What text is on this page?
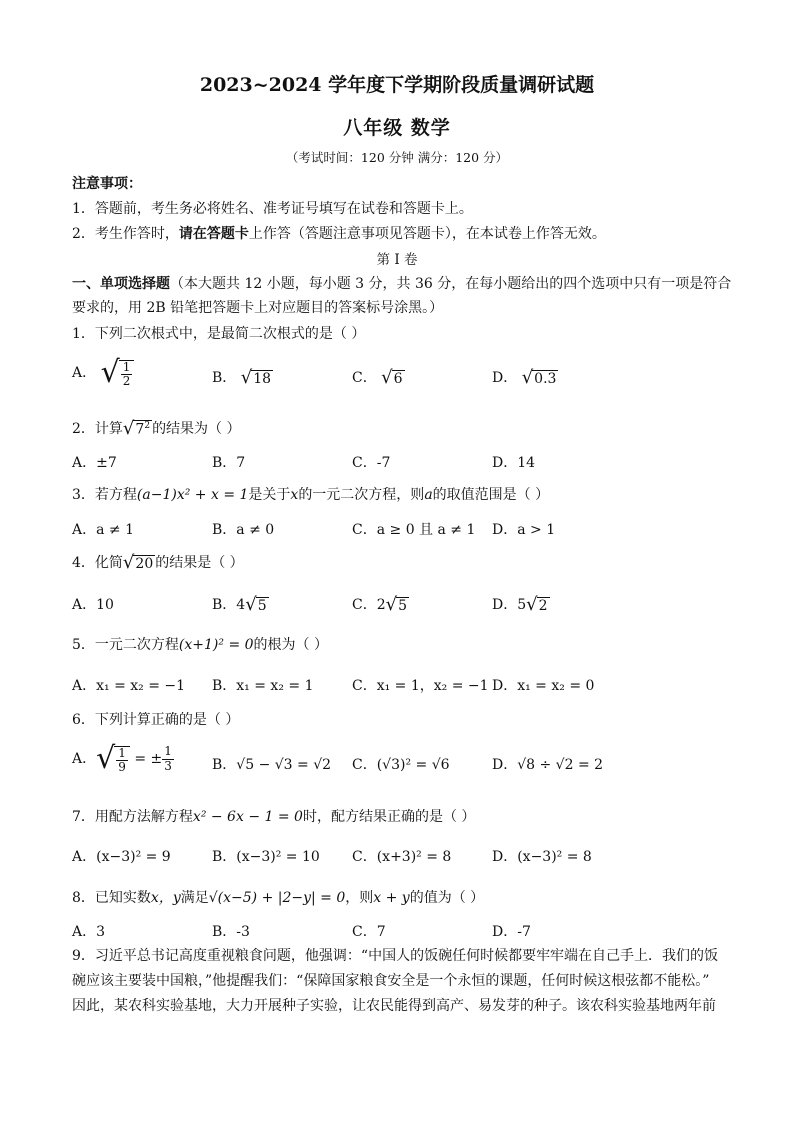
2023~2024 学年度下学期阶段质量调研试题
八年级 数学
（考试时间：120 分钟 满分：120 分）
注意事项：
1．答题前，考生务必将姓名、准考证号填写在试卷和答题卡上。
2．考生作答时，请在答题卡上作答（答题注意事项见答题卡），在本试卷上作答无效。
第 I 卷
一、单项选择题（本大题共 12 小题，每小题 3 分，共 36 分，在每小题给出的四个选项中只有一项是符合
要求的，用 2B 铅笔把答题卡上对应题目的答案标号涂黑。）
1．下列二次根式中，是最简二次根式的是（ ）
A． √ $\frac{1}{2}$	B． √ 18	C． √ 6	D． √ 0.3
2．计算 √ $7^2$ 的结果为（ ）
A．±7	B．7	C．-7	D．14
3．若方程(a−1)x² + x = 1是关于x的一元二次方程，则a的取值范围是（ ）
A．a ≠ 1	B．a ≠ 0	C．a ≥ 0 且 a ≠ 1 D．a > 1
4．化简 √ 20 的结果是（ ）
A．10	B．4 √ 5	C．2 √ 5	D．5 √ 2
5．一元二次方程(x+1)² = 0的根为（ ）
A．x₁ = x₂ = −1 B．x₁ = x₂ = 1	C．x₁ = 1，x₂ = −1 D．x₁ = x₂ = 0
6．下列计算正确的是（ ）
A． √ $\frac{1}{9}$ = ± $\frac{1}{3}$	B．√5 − √3 = √2 C．(√3)² = √6	D．√8 ÷ √2 = 2
7．用配方法解方程x² − 6x − 1 = 0时，配方结果正确的是（ ）
A．(x−3)² = 9	B．(x−3)² = 10 C．(x+3)² = 8	D．(x−3)² = 8
8．已知实数x，y满足√(x−5) + |2−y| = 0，则x + y的值为（ ）
A．3	B．-3	C．7	D．-7
9．习近平总书记高度重视粮食问题，他强调：“中国人的饭碗任何时候都要牢牢端在自己手上．我们的饭
碗应该主要装中国粮，”他提醒我们：“保障国家粮食安全是一个永恒的课题，任何时候这根弦都不能松。”
因此，某农科实验基地，大力开展种子实验，让农民能得到高产、易发芽的种子。该农科实验基地两年前
